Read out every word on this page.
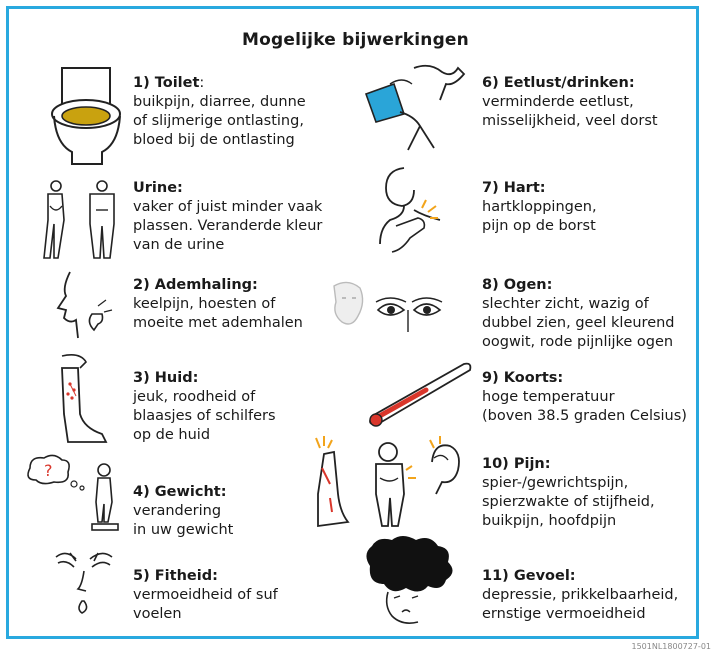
Mogelijke bijwerkingen
1) Toilet:
buikpijn, diarree, dunne
of slijmerige ontlasting,
bloed bij de ontlasting
Urine:
vaker of juist minder vaak
plassen. Veranderde kleur
van de urine
2) Ademhaling:
keelpijn, hoesten of
moeite met ademhalen
3) Huid:
jeuk, roodheid of
blaasjes of schilfers
op de huid
?
4) Gewicht:
verandering
in uw gewicht
5) Fitheid:
vermoeidheid of suf
voelen
6) Eetlust/drinken:
verminderde eetlust,
misselijkheid, veel dorst
7) Hart:
hartkloppingen,
pijn op de borst
8) Ogen:
slechter zicht, wazig of
dubbel zien, geel kleurend
oogwit, rode pijnlijke ogen
9) Koorts:
hoge temperatuur
(boven 38.5 graden Celsius)
10) Pijn:
spier-/gewrichtspijn,
spierzwakte of stijfheid,
buikpijn, hoofdpijn
11) Gevoel:
depressie, prikkelbaarheid,
ernstige vermoeidheid
1501NL1800727-01
